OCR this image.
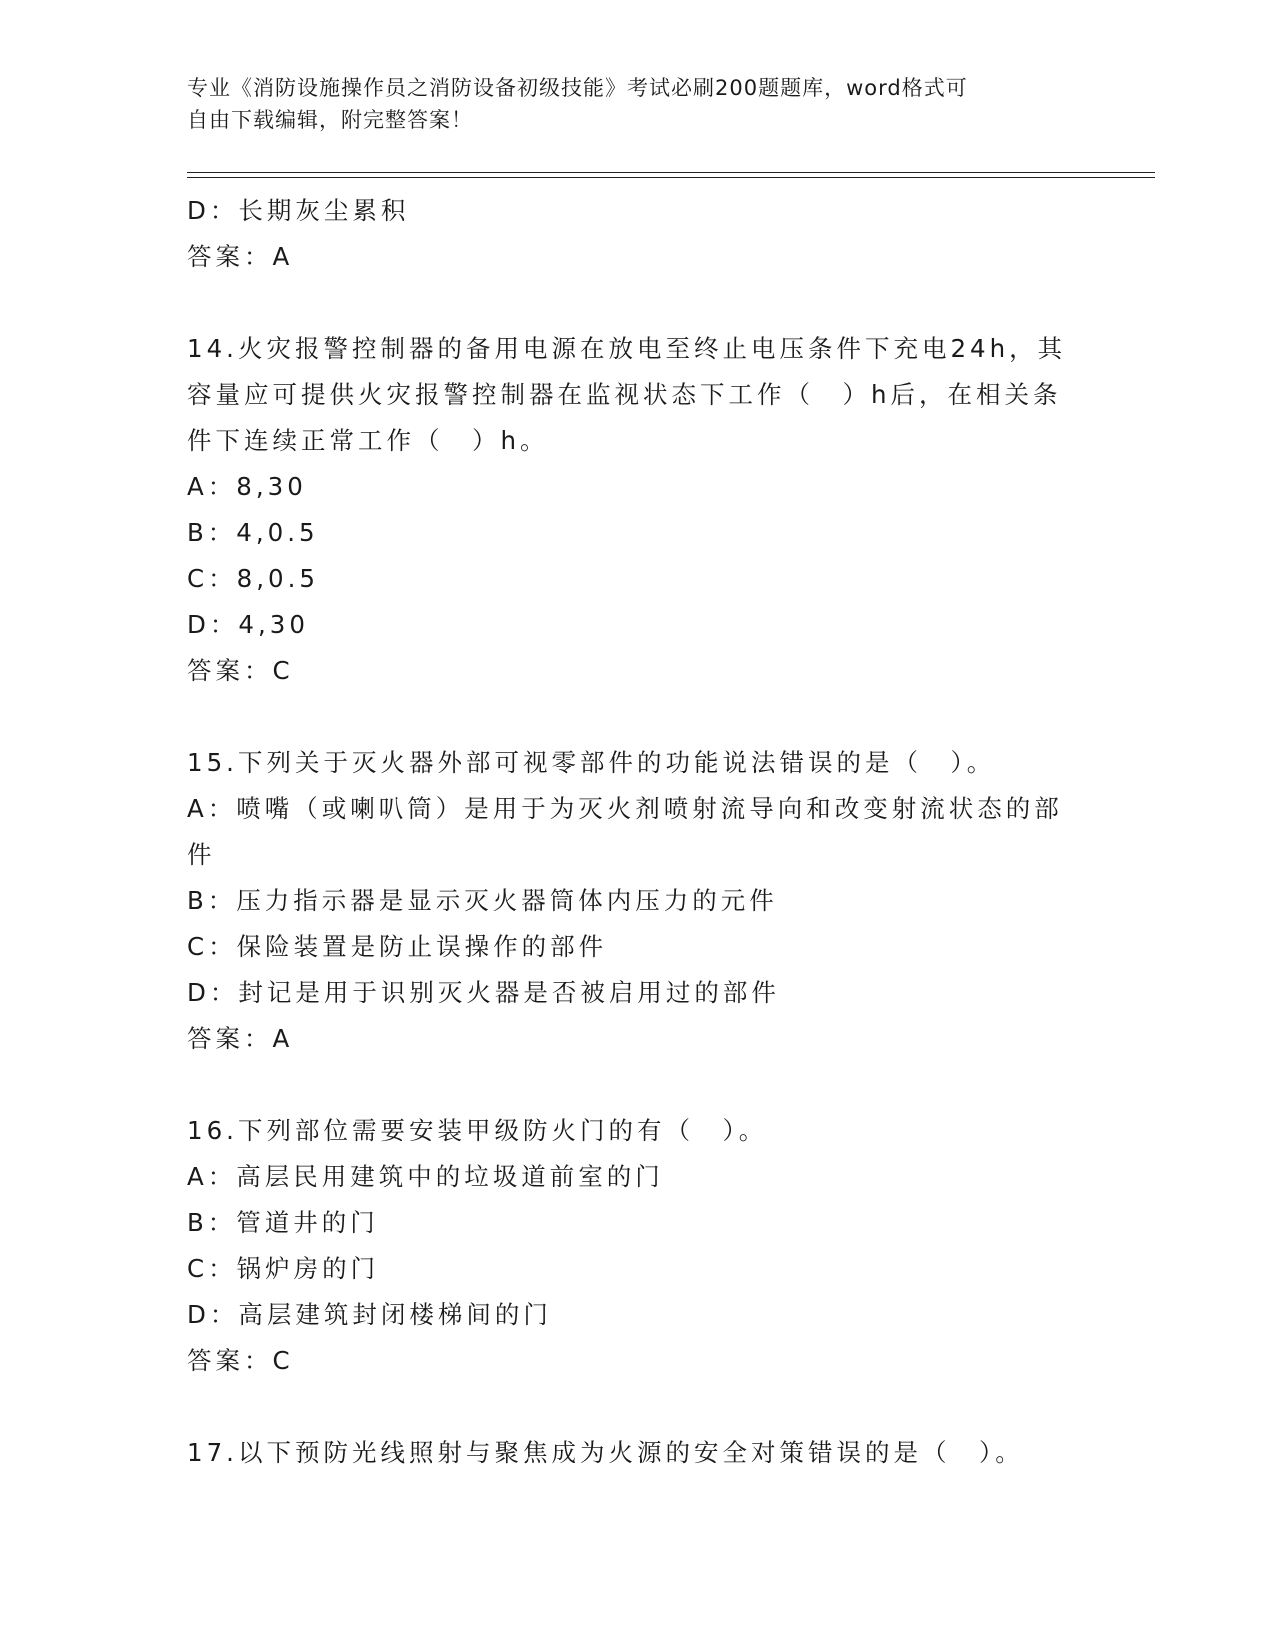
专业《消防设施操作员之消防设备初级技能》考试必刷200题题库，word格式可
自由下载编辑，附完整答案！
D：长期灰尘累积
答案：A
14.火灾报警控制器的备用电源在放电至终止电压条件下充电24h，其
容量应可提供火灾报警控制器在监视状态下工作（　）h后，在相关条
件下连续正常工作（　）h。
A：8,30
B：4,0.5
C：8,0.5
D：4,30
答案：C
15.下列关于灭火器外部可视零部件的功能说法错误的是（　）。
A：喷嘴（或喇叭筒）是用于为灭火剂喷射流导向和改变射流状态的部
件
B：压力指示器是显示灭火器筒体内压力的元件
C：保险装置是防止误操作的部件
D：封记是用于识别灭火器是否被启用过的部件
答案：A
16.下列部位需要安装甲级防火门的有（　）。
A：高层民用建筑中的垃圾道前室的门
B：管道井的门
C：锅炉房的门
D：高层建筑封闭楼梯间的门
答案：C
17.以下预防光线照射与聚焦成为火源的安全对策错误的是（　）。
